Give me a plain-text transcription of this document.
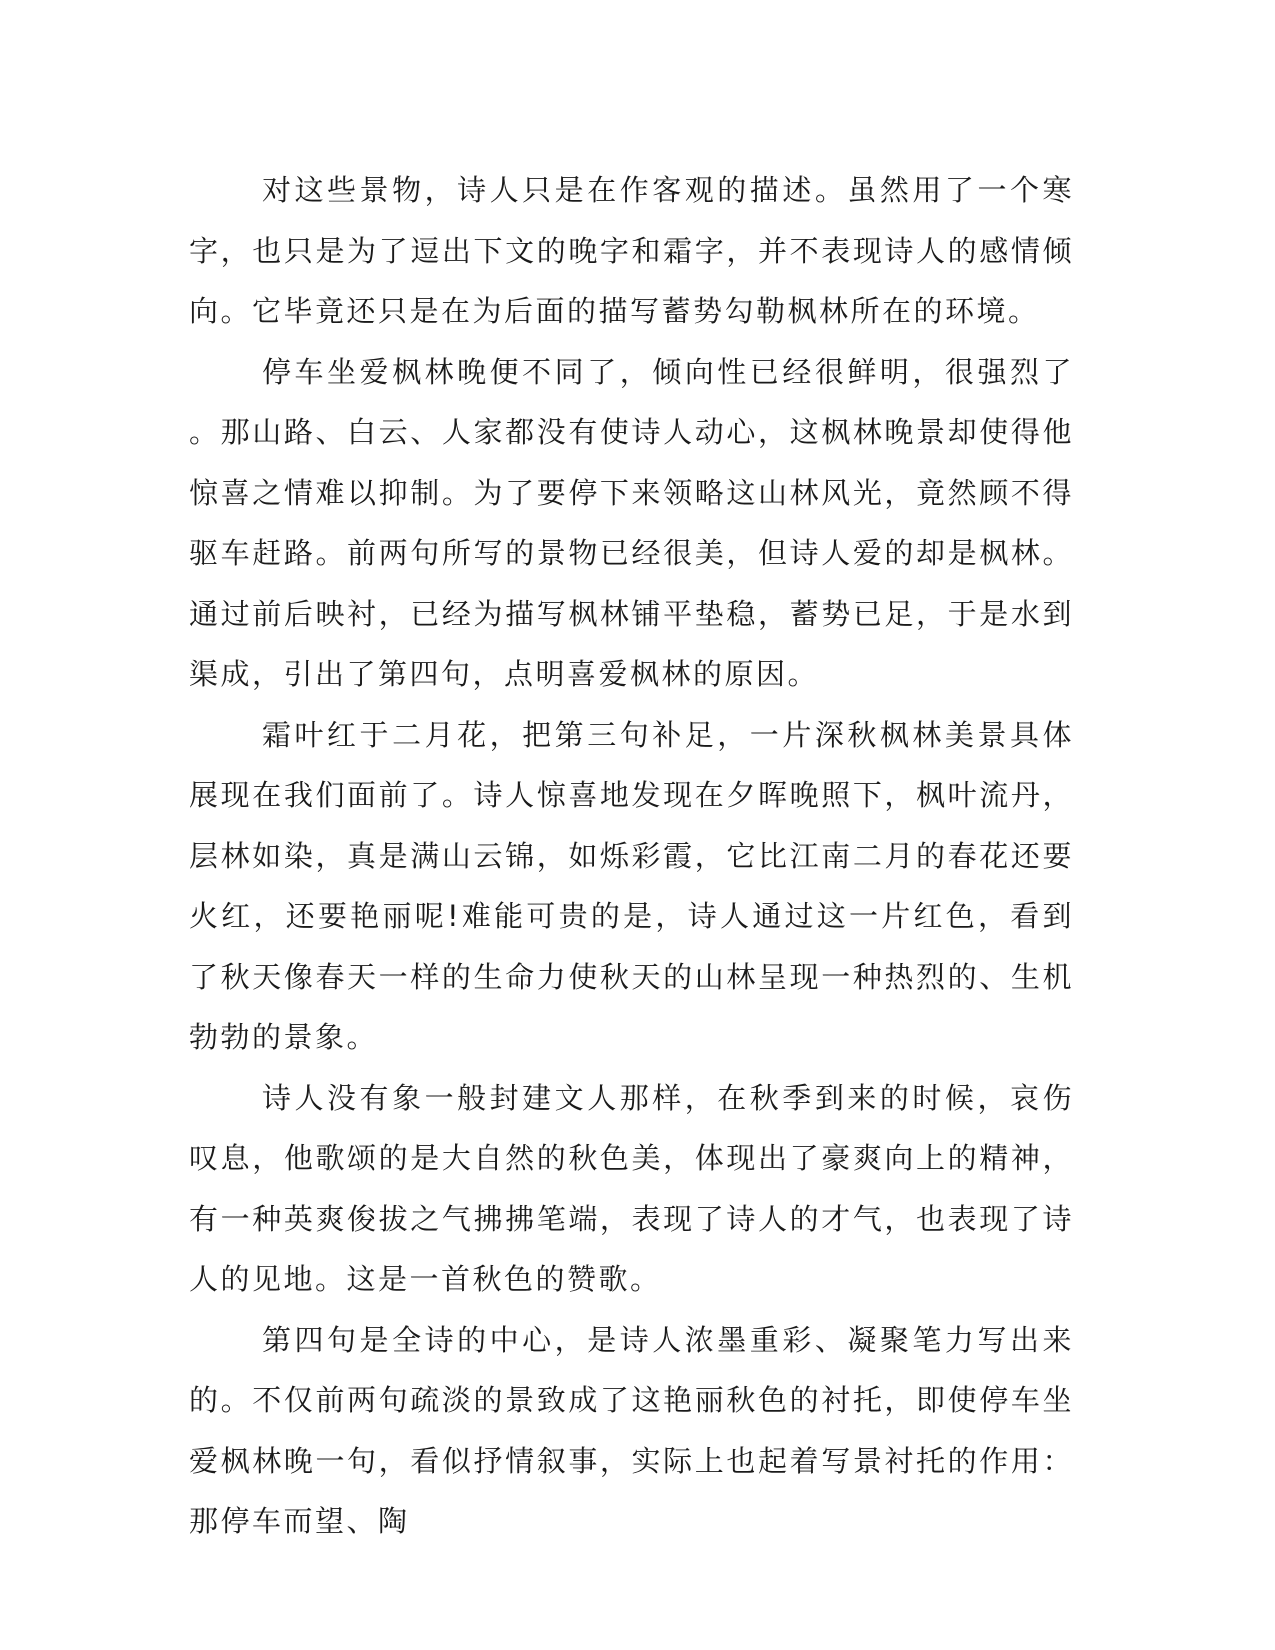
对这些景物，诗人只是在作客观的描述。虽然用了一个寒字，也只是为了逗出下文的晚字和霜字，并不表现诗人的感情倾向。它毕竟还只是在为后面的描写蓄势勾勒枫林所在的环境。

停车坐爱枫林晚便不同了，倾向性已经很鲜明，很强烈了。那山路、白云、人家都没有使诗人动心，这枫林晚景却使得他惊喜之情难以抑制。为了要停下来领略这山林风光，竟然顾不得驱车赶路。前两句所写的景物已经很美，但诗人爱的却是枫林。通过前后映衬，已经为描写枫林铺平垫稳，蓄势已足，于是水到渠成，引出了第四句，点明喜爱枫林的原因。

霜叶红于二月花，把第三句补足，一片深秋枫林美景具体展现在我们面前了。诗人惊喜地发现在夕晖晚照下，枫叶流丹，层林如染，真是满山云锦，如烁彩霞，它比江南二月的春花还要火红，还要艳丽呢!难能可贵的是，诗人通过这一片红色，看到了秋天像春天一样的生命力使秋天的山林呈现一种热烈的、生机勃勃的景象。

诗人没有象一般封建文人那样，在秋季到来的时候，哀伤叹息，他歌颂的是大自然的秋色美，体现出了豪爽向上的精神，有一种英爽俊拔之气拂拂笔端，表现了诗人的才气，也表现了诗人的见地。这是一首秋色的赞歌。

第四句是全诗的中心，是诗人浓墨重彩、凝聚笔力写出来的。不仅前两句疏淡的景致成了这艳丽秋色的衬托，即使停车坐爱枫林晚一句，看似抒情叙事，实际上也起着写景衬托的作用：那停车而望、陶
